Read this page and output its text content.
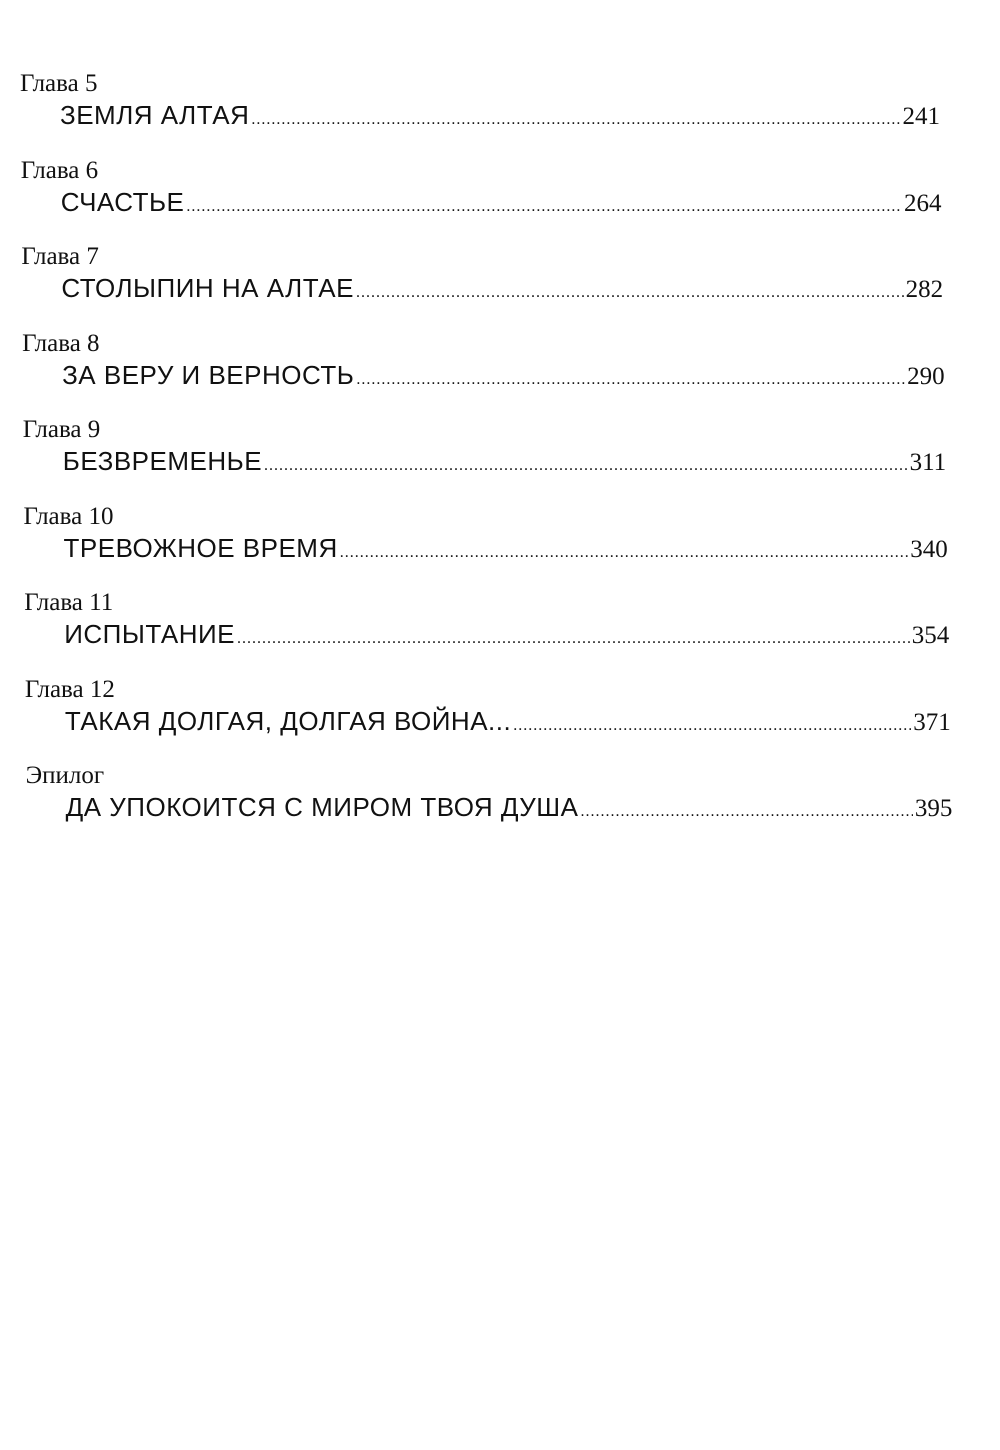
Глава 5
ЗЕМЛЯ АЛТАЯ .....	241
Глава 6
СЧАСТЬЕ .....	264
Глава 7
СТОЛЫПИН НА АЛТАЕ .....	282
Глава 8
ЗА ВЕРУ И ВЕРНОСТЬ .....	290
Глава 9
БЕЗВРЕМЕНЬЕ .....	311
Глава 10
ТРЕВОЖНОЕ ВРЕМЯ .....	340
Глава 11
ИСПЫТАНИЕ .....	354
Глава 12
ТАКАЯ ДОЛГАЯ, ДОЛГАЯ ВОЙНА... .....	371
Эпилог
ДА УПОКОИТСЯ С МИРОМ ТВОЯ ДУША .....	395
